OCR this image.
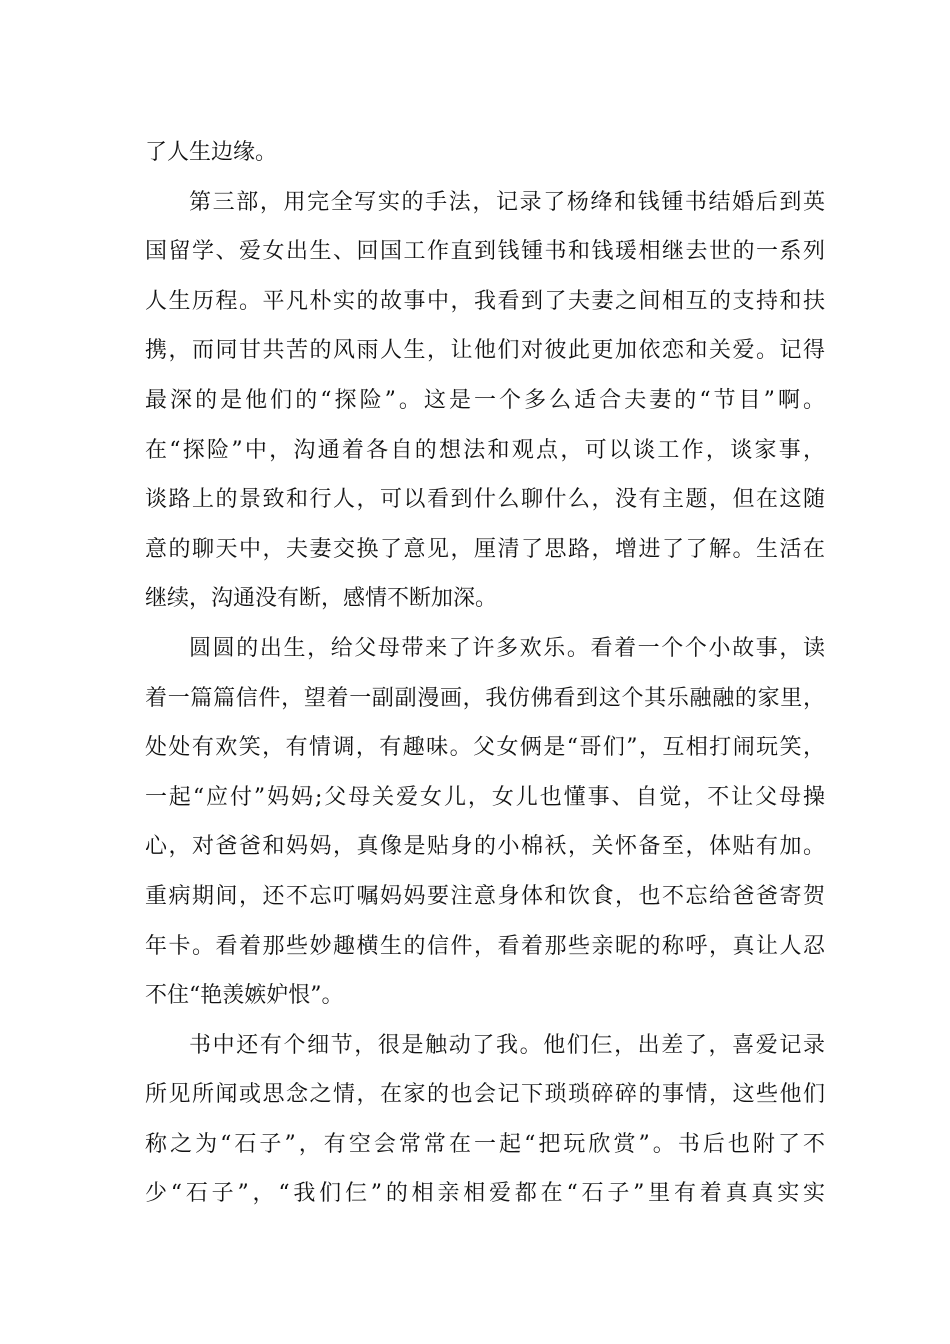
了人生边缘。
第三部，用完全写实的手法，记录了杨绛和钱锺书结婚后到英
国留学、爱女出生、回国工作直到钱锺书和钱瑗相继去世的一系列
人生历程。平凡朴实的故事中，我看到了夫妻之间相互的支持和扶
携，而同甘共苦的风雨人生，让他们对彼此更加依恋和关爱。记得
最深的是他们的“探险”。这是一个多么适合夫妻的“节目”啊。
在“探险”中，沟通着各自的想法和观点，可以谈工作，谈家事，
谈路上的景致和行人，可以看到什么聊什么，没有主题，但在这随
意的聊天中，夫妻交换了意见，厘清了思路，增进了了解。生活在
继续，沟通没有断，感情不断加深。
圆圆的出生，给父母带来了许多欢乐。看着一个个小故事，读
着一篇篇信件，望着一副副漫画，我仿佛看到这个其乐融融的家里，
处处有欢笑，有情调，有趣味。父女俩是“哥们”，互相打闹玩笑，
一起“应付”妈妈;父母关爱女儿，女儿也懂事、自觉，不让父母操
心，对爸爸和妈妈，真像是贴身的小棉袄，关怀备至，体贴有加。
重病期间，还不忘叮嘱妈妈要注意身体和饮食，也不忘给爸爸寄贺
年卡。看着那些妙趣横生的信件，看着那些亲昵的称呼，真让人忍
不住“艳羡嫉妒恨”。
书中还有个细节，很是触动了我。他们仨，出差了，喜爱记录
所见所闻或思念之情，在家的也会记下琐琐碎碎的事情，这些他们
称之为“石子”，有空会常常在一起“把玩欣赏”。书后也附了不
少“石子”，“我们仨”的相亲相爱都在“石子”里有着真真实实
